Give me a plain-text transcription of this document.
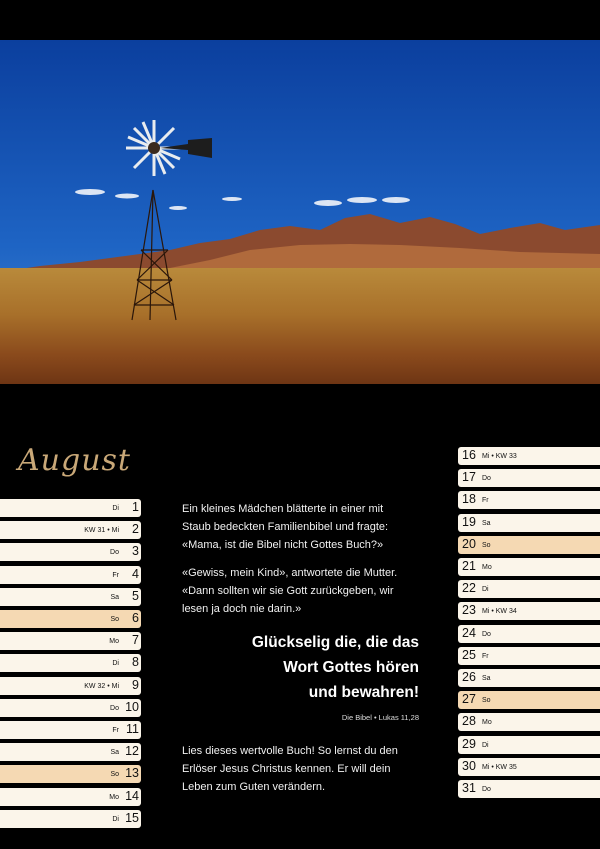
August
1
Di
2
KW 31 • Mi
3
Do
4
Fr
5
Sa
6
So
7
Mo
8
Di
9
KW 32 • Mi
10
Do
11
Fr
12
Sa
13
So
14
Mo
15
Di
16 Mi • KW 33
17 Do
18 Fr
19 Sa
20 So
21 Mo
22 Di
23 Mi • KW 34
24 Do
25 Fr
26 Sa
27 So
28 Mo
29 Di
30 Mi • KW 35
31 Do
Ein kleines Mädchen blätterte in einer mit
Staub bedeckten Familienbibel und fragte:
«Mama, ist die Bibel nicht Gottes Buch?»
«Gewiss, mein Kind», antwortete die Mutter.
«Dann sollten wir sie Gott zurückgeben, wir
lesen ja doch nie darin.»
Glückselig die, die das
Wort Gottes hören
und bewahren!
Die Bibel • Lukas 11,28
Lies dieses wertvolle Buch! So lernst du den
Erlöser Jesus Christus kennen. Er will dein
Leben zum Guten verändern.
